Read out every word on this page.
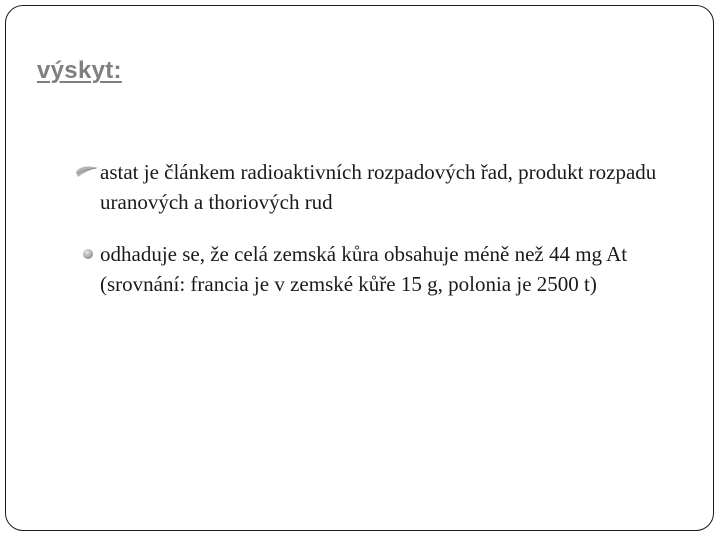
výskyt:
astat je článkem radioaktivních rozpadových řad, produkt rozpadu uranových a thoriových rud
odhaduje se, že celá zemská kůra obsahuje méně než 44 mg At (srovnání: francia je v zemské kůře 15 g, polonia je 2500 t)
